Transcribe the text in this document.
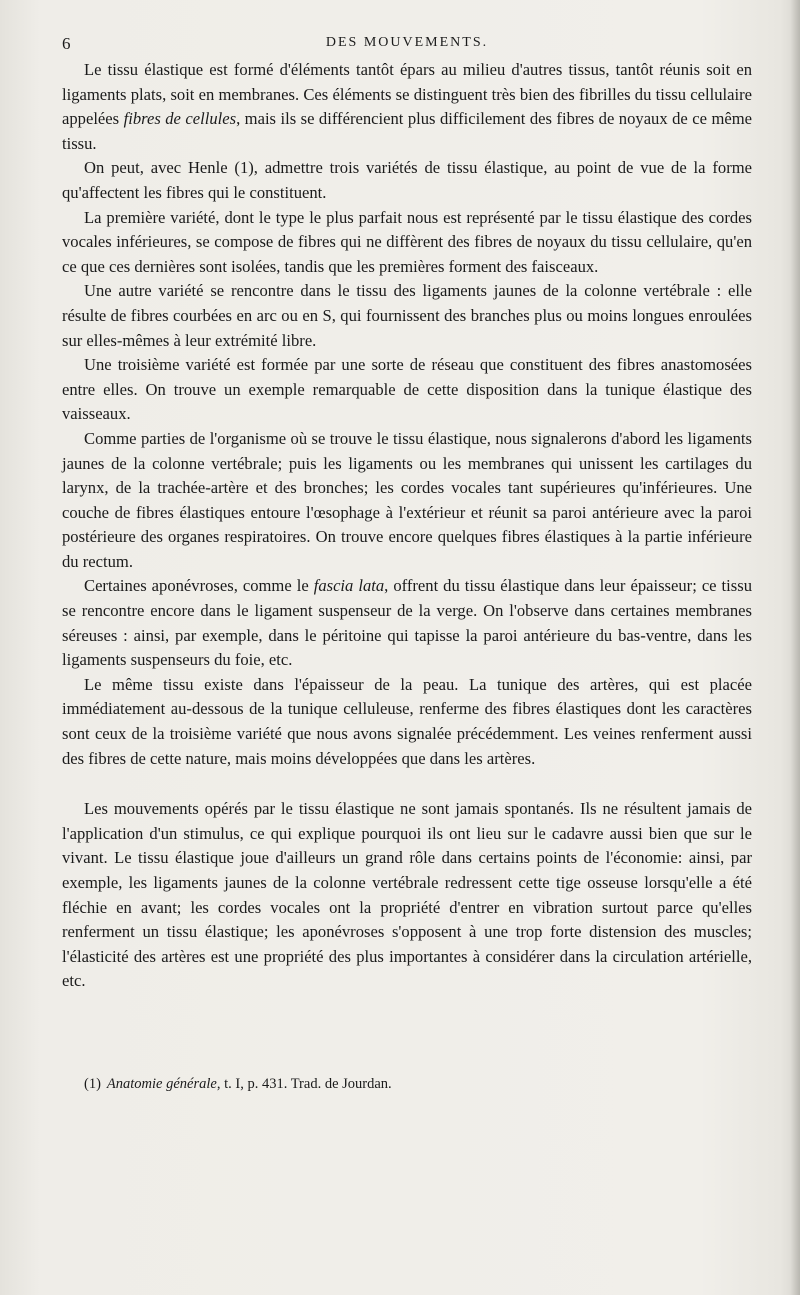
6	DES MOUVEMENTS.

Le tissu élastique est formé d'éléments tantôt épars au milieu d'autres tissus, tantôt réunis soit en ligaments plats, soit en membranes. Ces éléments se distinguent très bien des fibrilles du tissu cellulaire appelées fibres de cellules, mais ils se différencient plus difficilement des fibres de noyaux de ce même tissu.

On peut, avec Henle (1), admettre trois variétés de tissu élastique, au point de vue de la forme qu'affectent les fibres qui le constituent.

La première variété, dont le type le plus parfait nous est représenté par le tissu élastique des cordes vocales inférieures, se compose de fibres qui ne diffèrent des fibres de noyaux du tissu cellulaire, qu'en ce que ces dernières sont isolées, tandis que les premières forment des faisceaux.

Une autre variété se rencontre dans le tissu des ligaments jaunes de la colonne vertébrale : elle résulte de fibres courbées en arc ou en S, qui fournissent des branches plus ou moins longues enroulées sur elles-mêmes à leur extrémité libre.

Une troisième variété est formée par une sorte de réseau que constituent des fibres anastomosées entre elles. On trouve un exemple remarquable de cette disposition dans la tunique élastique des vaisseaux.

Comme parties de l'organisme où se trouve le tissu élastique, nous signalerons d'abord les ligaments jaunes de la colonne vertébrale; puis les ligaments ou les membranes qui unissent les cartilages du larynx, de la trachée-artère et des bronches; les cordes vocales tant supérieures qu'inférieures. Une couche de fibres élastiques entoure l'œsophage à l'extérieur et réunit sa paroi antérieure avec la paroi postérieure des organes respiratoires. On trouve encore quelques fibres élastiques à la partie inférieure du rectum.

Certaines aponévroses, comme le fascia lata, offrent du tissu élastique dans leur épaisseur; ce tissu se rencontre encore dans le ligament suspenseur de la verge. On l'observe dans certaines membranes séreuses : ainsi, par exemple, dans le péritoine qui tapisse la paroi antérieure du bas-ventre, dans les ligaments suspenseurs du foie, etc.

Le même tissu existe dans l'épaisseur de la peau. La tunique des artères, qui est placée immédiatement au-dessous de la tunique celluleuse, renferme des fibres élastiques dont les caractères sont ceux de la troisième variété que nous avons signalée précédemment. Les veines renferment aussi des fibres de cette nature, mais moins développées que dans les artères.

Les mouvements opérés par le tissu élastique ne sont jamais spontanés. Ils ne résultent jamais de l'application d'un stimulus, ce qui explique pourquoi ils ont lieu sur le cadavre aussi bien que sur le vivant. Le tissu élastique joue d'ailleurs un grand rôle dans certains points de l'économie: ainsi, par exemple, les ligaments jaunes de la colonne vertébrale redressent cette tige osseuse lorsqu'elle a été fléchie en avant; les cordes vocales ont la propriété d'entrer en vibration surtout parce qu'elles renferment un tissu élastique; les aponévroses s'opposent à une trop forte distension des muscles; l'élasticité des artères est une propriété des plus importantes à considérer dans la circulation artérielle, etc.

(1) Anatomie générale, t. I, p. 431. Trad. de Jourdan.
